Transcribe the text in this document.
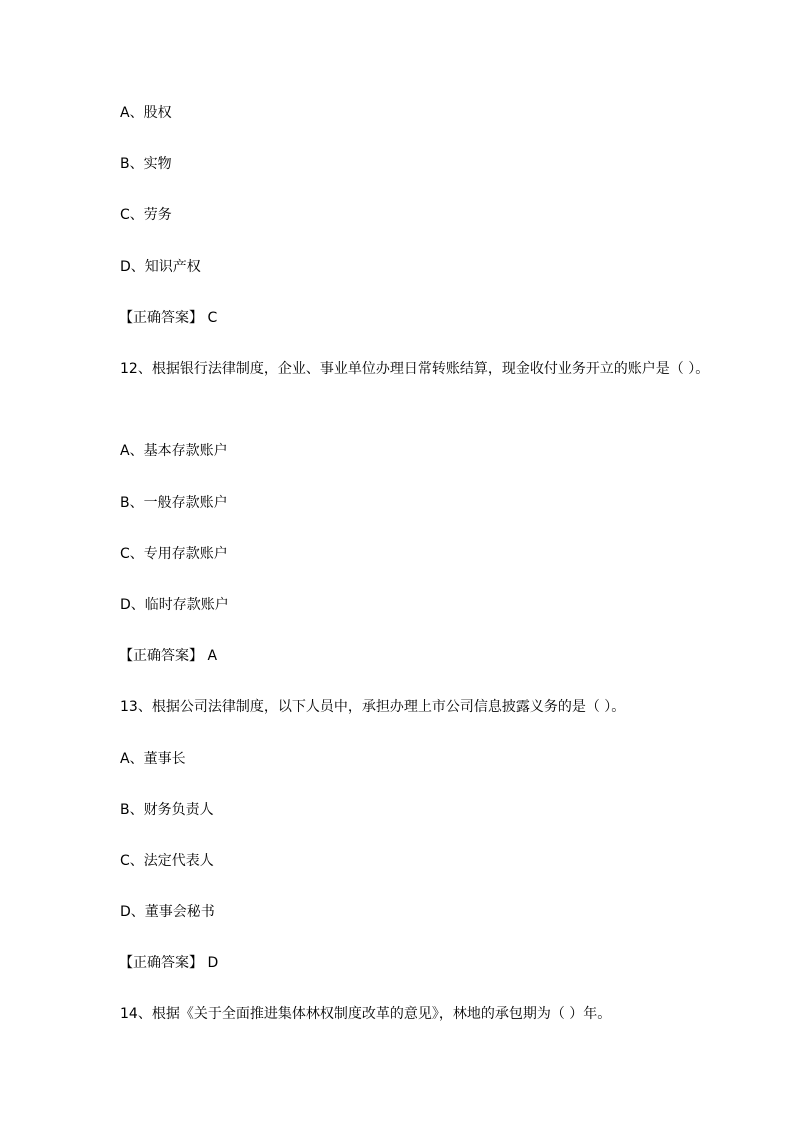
A、股权
B、实物
C、劳务
D、知识产权
【正确答案】 C
12、根据银行法律制度，企业、事业单位办理日常转账结算，现金收付业务开立的账户是（ ）。
A、基本存款账户
B、一般存款账户
C、专用存款账户
D、临时存款账户
【正确答案】 A
13、根据公司法律制度，以下人员中，承担办理上市公司信息披露义务的是（ ）。
A、董事长
B、财务负责人
C、法定代表人
D、董事会秘书
【正确答案】 D
14、根据《关于全面推进集体林权制度改革的意见》，林地的承包期为（ ）年。
